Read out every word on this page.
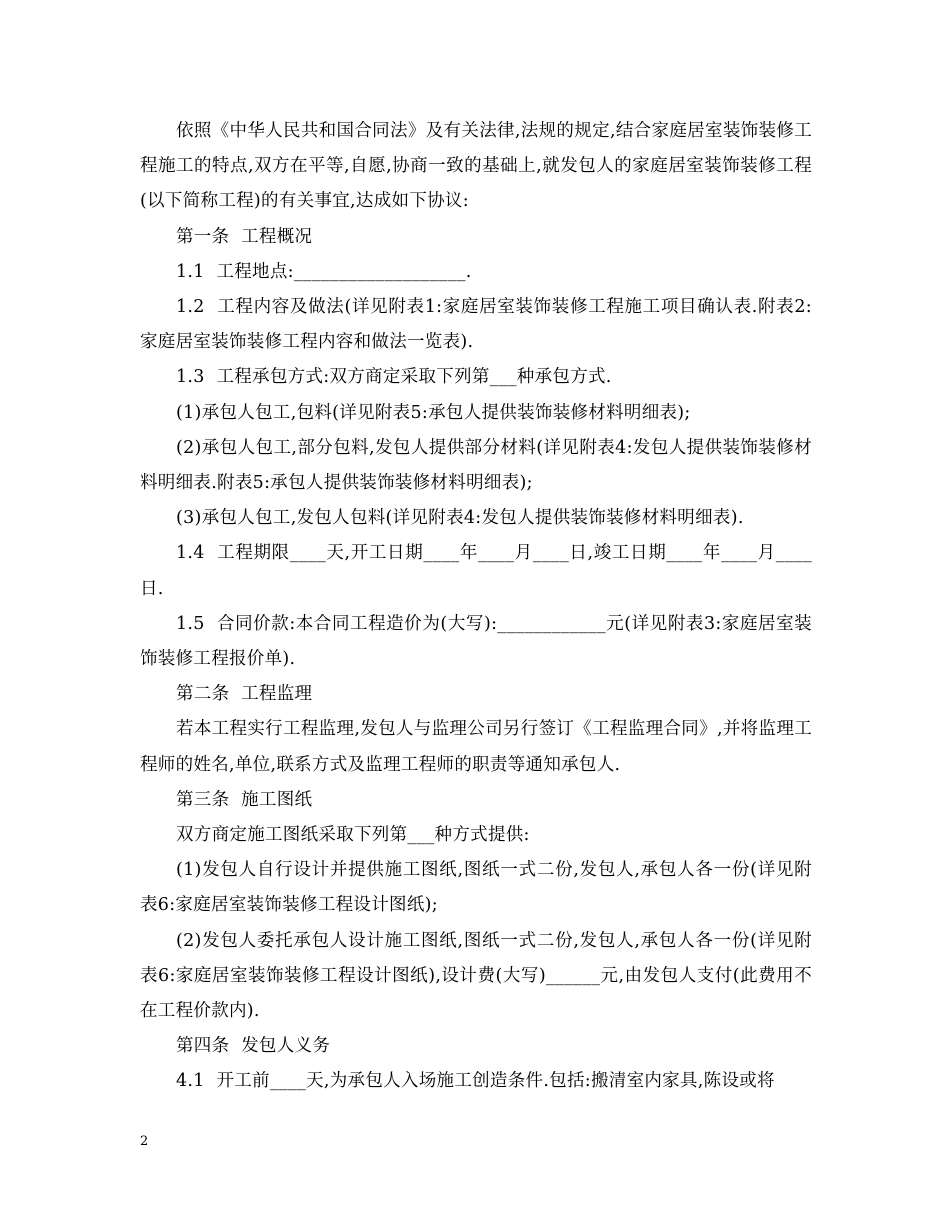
依照《中华人民共和国合同法》及有关法律,法规的规定,结合家庭居室装饰装修工程施工的特点,双方在平等,自愿,协商一致的基础上,就发包人的家庭居室装饰装修工程(以下简称工程)的有关事宜,达成如下协议:

第一条  工程概况

1.1  工程地点:___________________.

1.2  工程内容及做法(详见附表1:家庭居室装饰装修工程施工项目确认表.附表2:家庭居室装饰装修工程内容和做法一览表).

1.3  工程承包方式:双方商定采取下列第___种承包方式.

(1)承包人包工,包料(详见附表5:承包人提供装饰装修材料明细表);

(2)承包人包工,部分包料,发包人提供部分材料(详见附表4:发包人提供装饰装修材料明细表.附表5:承包人提供装饰装修材料明细表);

(3)承包人包工,发包人包料(详见附表4:发包人提供装饰装修材料明细表).

1.4  工程期限____天,开工日期____年____月____日,竣工日期____年____月____日.

1.5  合同价款:本合同工程造价为(大写):____________元(详见附表3:家庭居室装饰装修工程报价单).

第二条  工程监理

若本工程实行工程监理,发包人与监理公司另行签订《工程监理合同》,并将监理工程师的姓名,单位,联系方式及监理工程师的职责等通知承包人.

第三条  施工图纸

双方商定施工图纸采取下列第___种方式提供:

(1)发包人自行设计并提供施工图纸,图纸一式二份,发包人,承包人各一份(详见附表6:家庭居室装饰装修工程设计图纸);

(2)发包人委托承包人设计施工图纸,图纸一式二份,发包人,承包人各一份(详见附表6:家庭居室装饰装修工程设计图纸),设计费(大写)______元,由发包人支付(此费用不在工程价款内).

第四条  发包人义务

4.1  开工前____天,为承包人入场施工创造条件.包括:搬清室内家具,陈设或将

2
